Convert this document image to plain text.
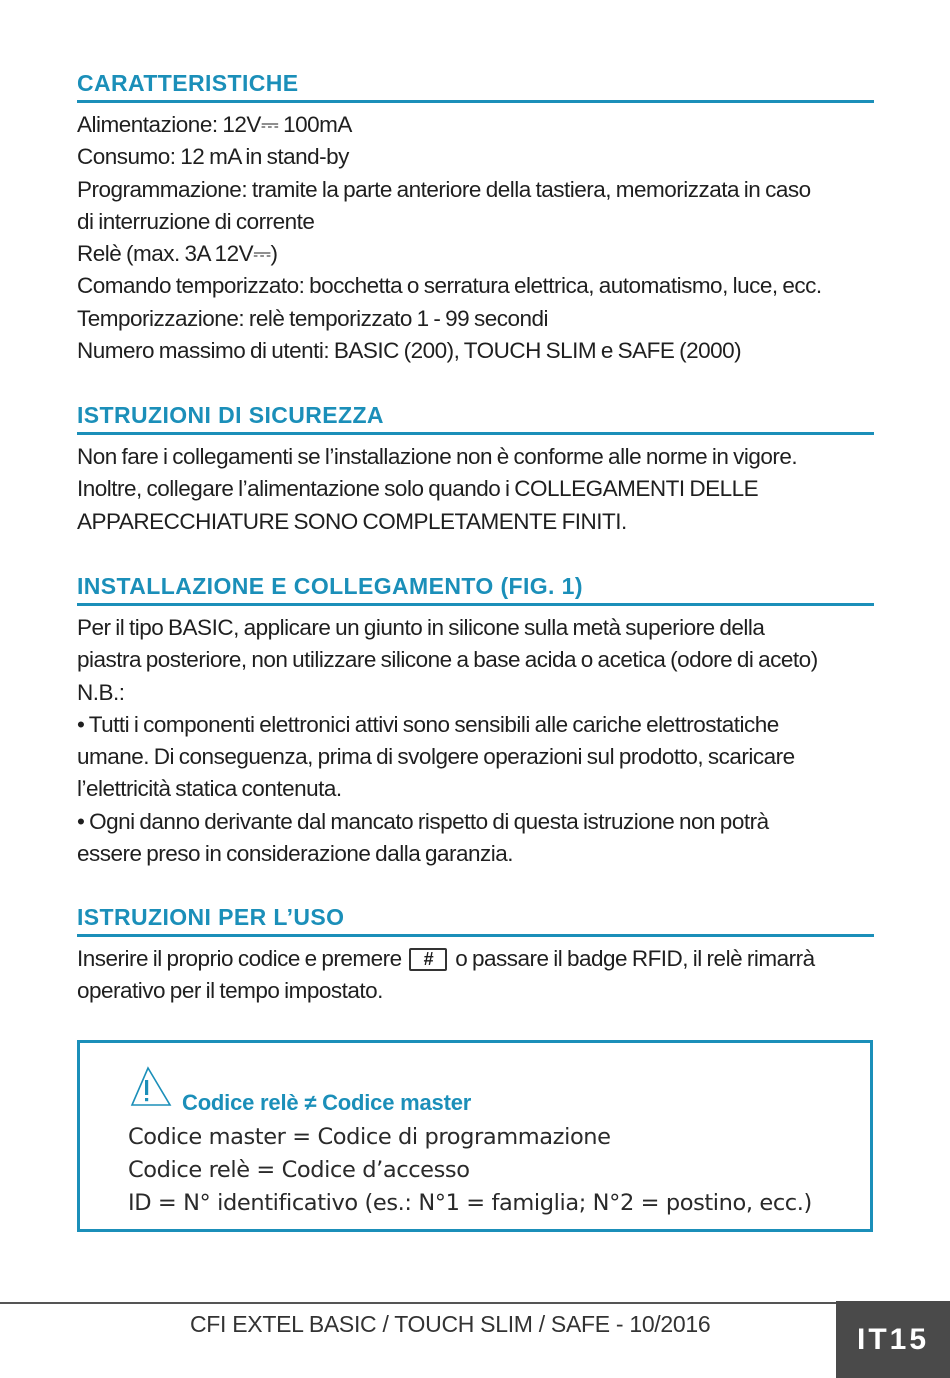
CARATTERISTICHE
Alimentazione: 12V⎓ 100mA
Consumo: 12 mA in stand-by
Programmazione: tramite la parte anteriore della tastiera, memorizzata in caso
di interruzione di corrente
Relè (max. 3A 12V⎓)
Comando temporizzato: bocchetta o serratura elettrica, automatismo, luce, ecc.
Temporizzazione: relè temporizzato 1 - 99 secondi
Numero massimo di utenti: BASIC (200), TOUCH SLIM e SAFE (2000)
ISTRUZIONI DI SICUREZZA
Non fare i collegamenti se l’installazione non è conforme alle norme in vigore.
Inoltre, collegare l’alimentazione solo quando i COLLEGAMENTI DELLE
APPARECCHIATURE SONO COMPLETAMENTE FINITI.
INSTALLAZIONE E COLLEGAMENTO (FIG. 1)
Per il tipo BASIC, applicare un giunto in silicone sulla metà superiore della
piastra posteriore, non utilizzare silicone a base acida o acetica (odore di aceto)
N.B.:
• Tutti i componenti elettronici attivi sono sensibili alle cariche elettrostatiche
umane. Di conseguenza, prima di svolgere operazioni sul prodotto, scaricare
l’elettricità statica contenuta.
• Ogni danno derivante dal mancato rispetto di questa istruzione non potrà
essere preso in considerazione dalla garanzia.
ISTRUZIONI PER L’USO
Inserire il proprio codice e premere # o passare il badge RFID, il relè rimarrà
operativo per il tempo impostato.
Codice relè ≠ Codice master
Codice master = Codice di programmazione
Codice relè = Codice d’accesso
ID = N° identificativo (es.: N°1 = famiglia; N°2 = postino, ecc.)
CFI EXTEL BASIC / TOUCH SLIM / SAFE - 10/2016	IT15
